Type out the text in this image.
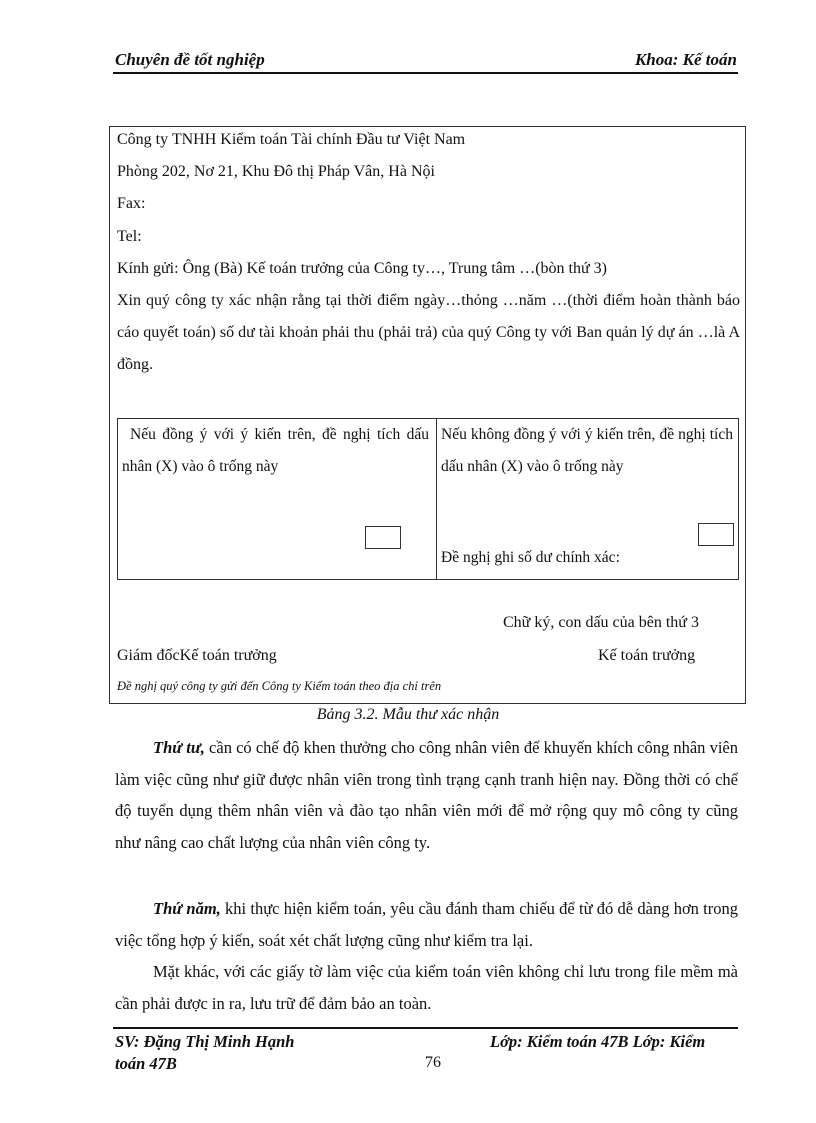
Chuyên đề tốt nghiệp	Khoa: Kế toán
Công ty TNHH Kiểm toán Tài chính Đầu tư Việt Nam
Phòng 202, Nơ 21, Khu Đô thị Pháp Vân, Hà Nội
Fax:
Tel:
Kính gửi: Ông (Bà) Kế toán trưởng của Công ty…, Trung tâm …(bòn thứ 3)
Xin quý công ty xác nhận rằng tại thời điểm ngày…thỏng …năm …(thời điểm hoàn thành báo cáo quyết toán) số dư tài khoản phải thu (phải trả) của quý Công ty với Ban quản lý dự án …là A đồng.
Nếu đồng ý với ý kiến trên, đề nghị tích dấu nhân (X) vào ô trống này
Nếu không đồng ý với ý kiến trên, đề nghị tích dấu nhân (X) vào ô trống này
Đề nghị ghi số dư chính xác:
Chữ ký, con dấu của bên thứ 3
Giám đốcKế toán trưởng	Kế toán trưởng
Đề nghị quý công ty gửi đến Công ty Kiểm toán theo địa chỉ trên
Bảng 3.2. Mẫu thư xác nhận
Thứ tư, cần có chế độ khen thưởng cho công nhân viên để khuyến khích công nhân viên làm việc cũng như giữ được nhân viên trong tình trạng cạnh tranh hiện nay. Đồng thời có chế độ tuyển dụng thêm nhân viên và đào tạo nhân viên mới để mở rộng quy mô công ty cũng như nâng cao chất lượng của nhân viên công ty.
Thứ năm, khi thực hiện kiểm toán, yêu cầu đánh tham chiếu để từ đó dễ dàng hơn trong việc tổng hợp ý kiến, soát xét chất lượng cũng như kiểm tra lại.
Mặt khác, với các giấy tờ làm việc của kiểm toán viên không chỉ lưu trong file mềm mà cần phải được in ra, lưu trữ để đảm bảo an toàn.
SV: Đặng Thị Minh Hạnh
toán 47B
Lớp: Kiểm toán 47B Lớp: Kiểm
76
